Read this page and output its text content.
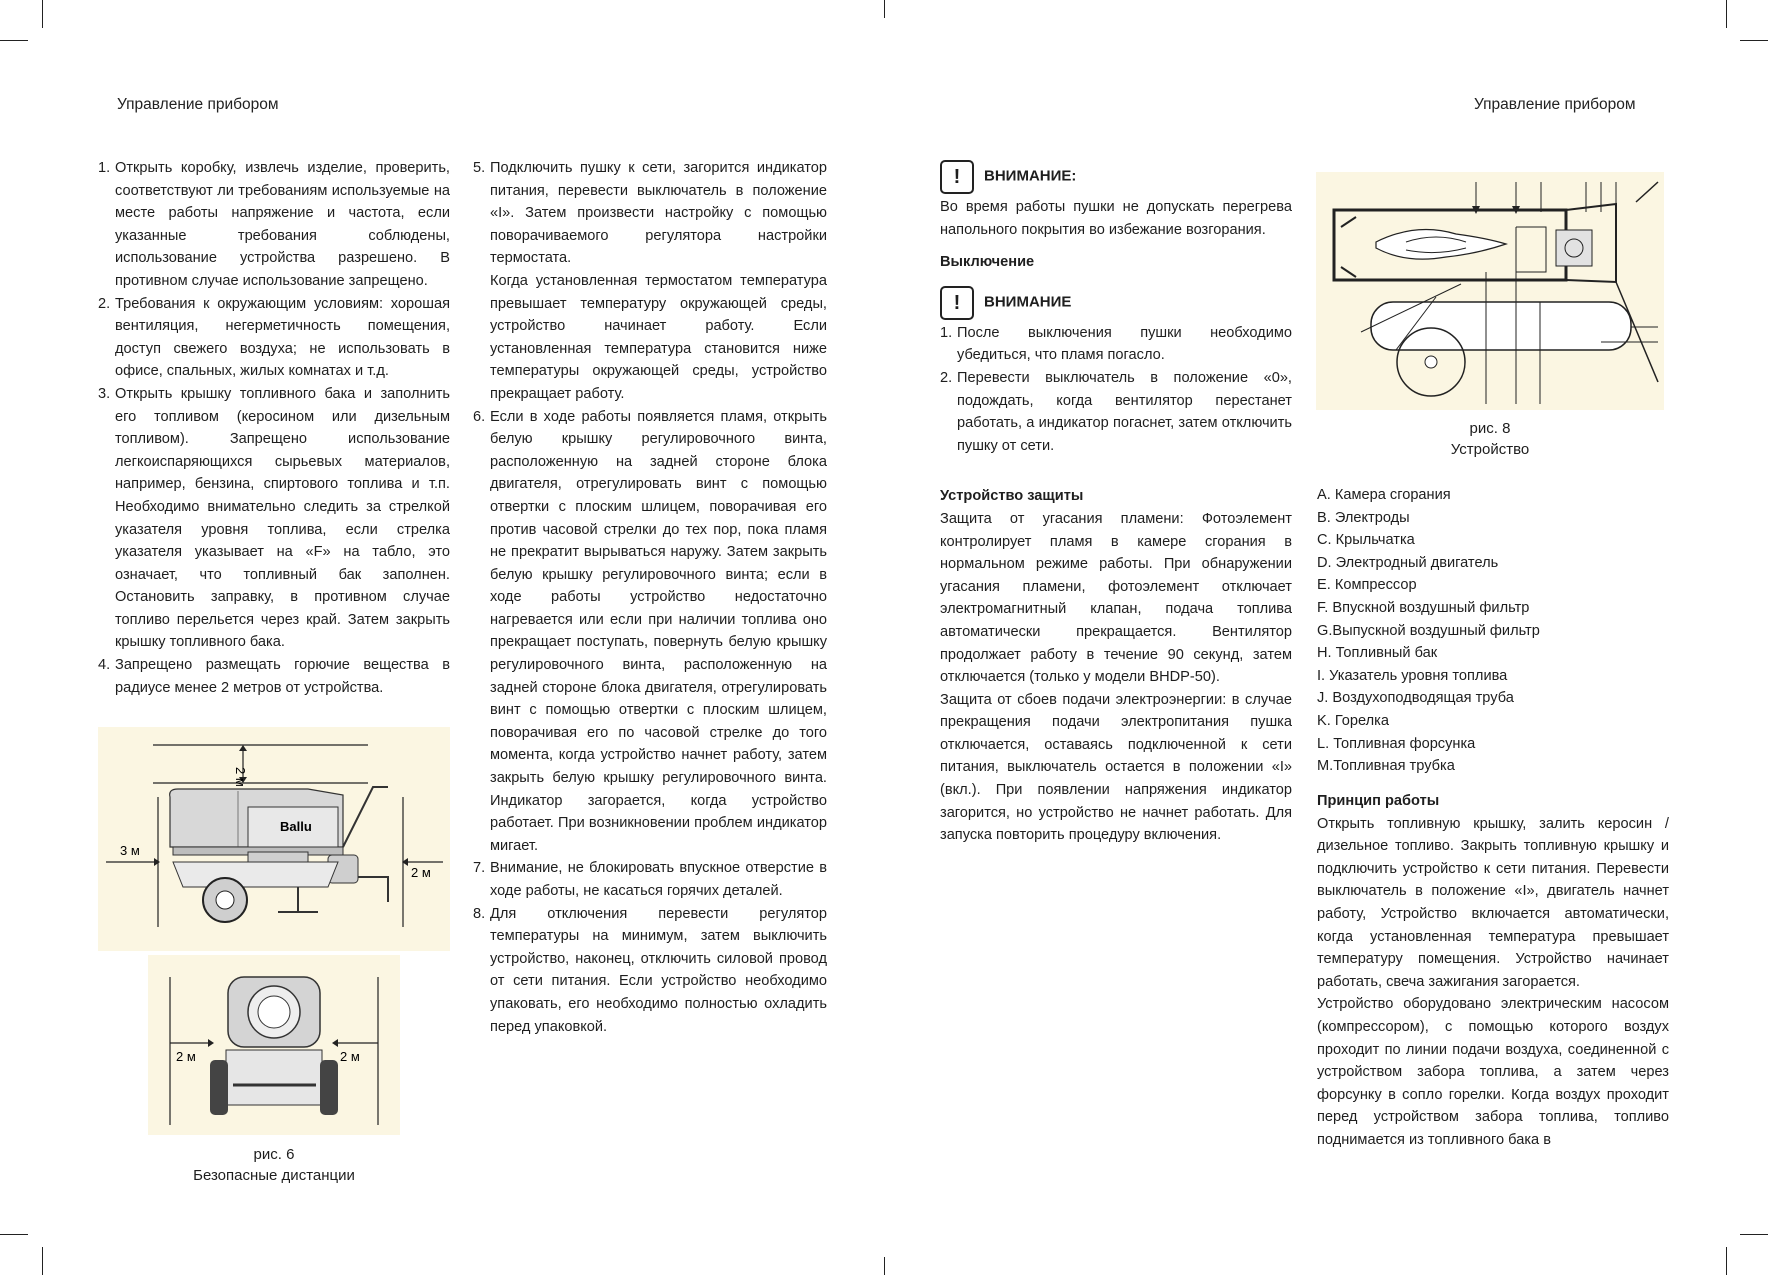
Управление прибором
1. Открыть коробку, извлечь изделие, проверить, соответствуют ли требованиям используемые на месте работы напряжение и частота, если указанные требования соблюдены, использование устройства разрешено. В противном случае использование запрещено.
2. Требования к окружающим условиям: хорошая вентиляция, негерметичность помещения, доступ свежего воздуха; не использовать в офисе, спальных, жилых комнатах и т.д.
3. Открыть крышку топливного бака и заполнить его топливом (керосином или дизельным топливом). Запрещено использование легкоиспаряющихся сырьевых материалов, например, бензина, спиртового топлива и т.п. Необходимо внимательно следить за стрелкой указателя уровня топлива, если стрелка указателя указывает на «F» на табло, это означает, что топливный бак заполнен. Остановить заправку, в противном случае топливо перельется через край. Затем закрыть крышку топливного бака.
4. Запрещено размещать горючие вещества в радиусе менее 2 метров от устройства.
2 м
3 м
2 м
Ballu
2 м	2 м
рис. 6
Безопасные дистанции
5. Подключить пушку к сети, загорится индикатор питания, перевести выключатель в положение «I». Затем произвести настройку с помощью поворачиваемого регулятора настройки термостата.

Когда установленная термостатом температура превышает температуру окружающей среды, устройство начинает работу. Если установленная температура становится ниже температуры окружающей среды, устройство прекращает работу.

6. Если в ходе работы появляется пламя, открыть белую крышку регулировочного винта, расположенную на задней стороне блока двигателя, отрегулировать винт с помощью отвертки с плоским шлицем, поворачивая его против часовой стрелки до тех пор, пока пламя не прекратит вырываться наружу. Затем закрыть белую крышку регулировочного винта; если в ходе работы устройство недостаточно нагревается или если при наличии топлива оно прекращает поступать, повернуть белую крышку регулировочного винта, расположенную на задней стороне блока двигателя, отрегулировать винт с помощью отвертки с плоским шлицем, поворачивая его по часовой стрелке до того момента, когда устройство начнет работу, затем закрыть белую крышку регулировочного винта. Индикатор загорается, когда устройство работает. При возникновении проблем индикатор мигает.
7. Внимание, не блокировать впускное отверстие в ходе работы, не касаться горячих деталей.
8. Для отключения перевести регулятор температуры на минимум, затем выключить устройство, наконец, отключить силовой провод от сети питания. Если устройство необходимо упаковать, его необходимо полностью охладить перед упаковкой.
Управление прибором
! ВНИМАНИЕ:

Во время работы пушки не допускать перегрева напольного покрытия во избежание возгорания.

Выключение

! ВНИМАНИЕ
1. После выключения пушки необходимо убедиться, что пламя погасло.
2. Перевести выключатель в положение «0», подождать, когда вентилятор перестанет работать, а индикатор погаснет, затем отключить пушку от сети.

Устройство защиты

Защита от угасания пламени: Фотоэлемент контролирует пламя в камере сгорания в нормальном режиме работы. При обнаружении угасания пламени, фотоэлемент отключает электромагнитный клапан, подача топлива автоматически прекращается. Вентилятор продолжает работу в течение 90 секунд, затем отключается (только у модели BHDP-50).

Защита от сбоев подачи электроэнергии: в случае прекращения подачи электропитания пушка отключается, оставаясь подключенной к сети питания, выключатель остается в положении «I» (вкл.). При появлении напряжения индикатор загорится, но устройство не начнет работать. Для запуска повторить процедуру включения.

рис. 8
Устройство
A. Камера сгорания
B. Электроды
C. Крыльчатка
D. Электродный двигатель
E. Компрессор
F. Впускной воздушный фильтр
G.Выпускной воздушный фильтр
H. Топливный бак
I. Указатель уровня топлива
J. Воздухоподводящая труба
K. Горелка
L. Топливная форсунка
M.Топливная трубка

Принцип работы

Открыть топливную крышку, залить керосин / дизельное топливо. Закрыть топливную крышку и подключить устройство к сети питания. Перевести выключатель в положение «I», двигатель начнет работу, Устройство включается автоматически, когда установленная температура превышает температуру помещения. Устройство начинает работать, свеча зажигания загорается.

Устройство оборудовано электрическим насосом (компрессором), с помощью которого воздух проходит по линии подачи воздуха, соединенной с устройством забора топлива, а затем через форсунку в сопло горелки. Когда воздух проходит перед устройством забора топлива, топливо поднимается из топливного бака в
